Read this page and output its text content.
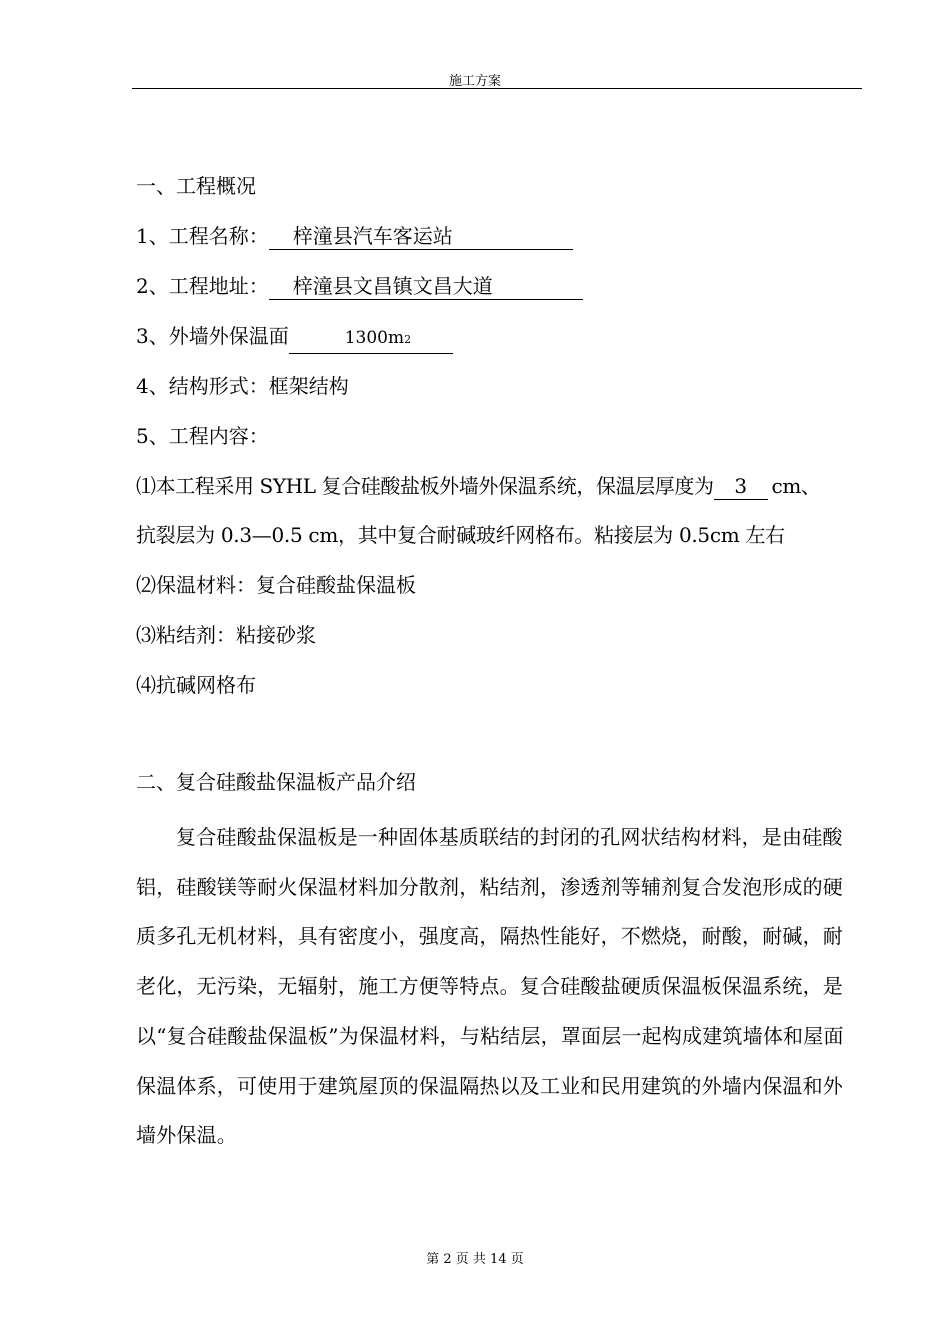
施工方案
一、工程概况
1、工程名称： 梓潼县汽车客运站
2、工程地址： 梓潼县文昌镇文昌大道
3、外墙外保温面	1300m2
4、结构形式：框架结构
5、工程内容：
⑴本工程采用 SYHL 复合硅酸盐板外墙外保温系统，保温层厚度为 3 cm、
抗裂层为 0.3—0.5 cm，其中复合耐碱玻纤网格布。粘接层为 0.5cm 左右
⑵保温材料：复合硅酸盐保温板
⑶粘结剂：粘接砂浆
⑷抗碱网格布
二、复合硅酸盐保温板产品介绍
复合硅酸盐保温板是一种固体基质联结的封闭的孔网状结构材料，是由硅酸铝，硅酸镁等耐火保温材料加分散剂，粘结剂，渗透剂等辅剂复合发泡形成的硬质多孔无机材料，具有密度小，强度高，隔热性能好，不燃烧，耐酸，耐碱，耐老化，无污染，无辐射，施工方便等特点。复合硅酸盐硬质保温板保温系统，是以“复合硅酸盐保温板”为保温材料，与粘结层，罩面层一起构成建筑墙体和屋面保温体系，可使用于建筑屋顶的保温隔热以及工业和民用建筑的外墙内保温和外墙外保温。
第 2 页 共 14 页
